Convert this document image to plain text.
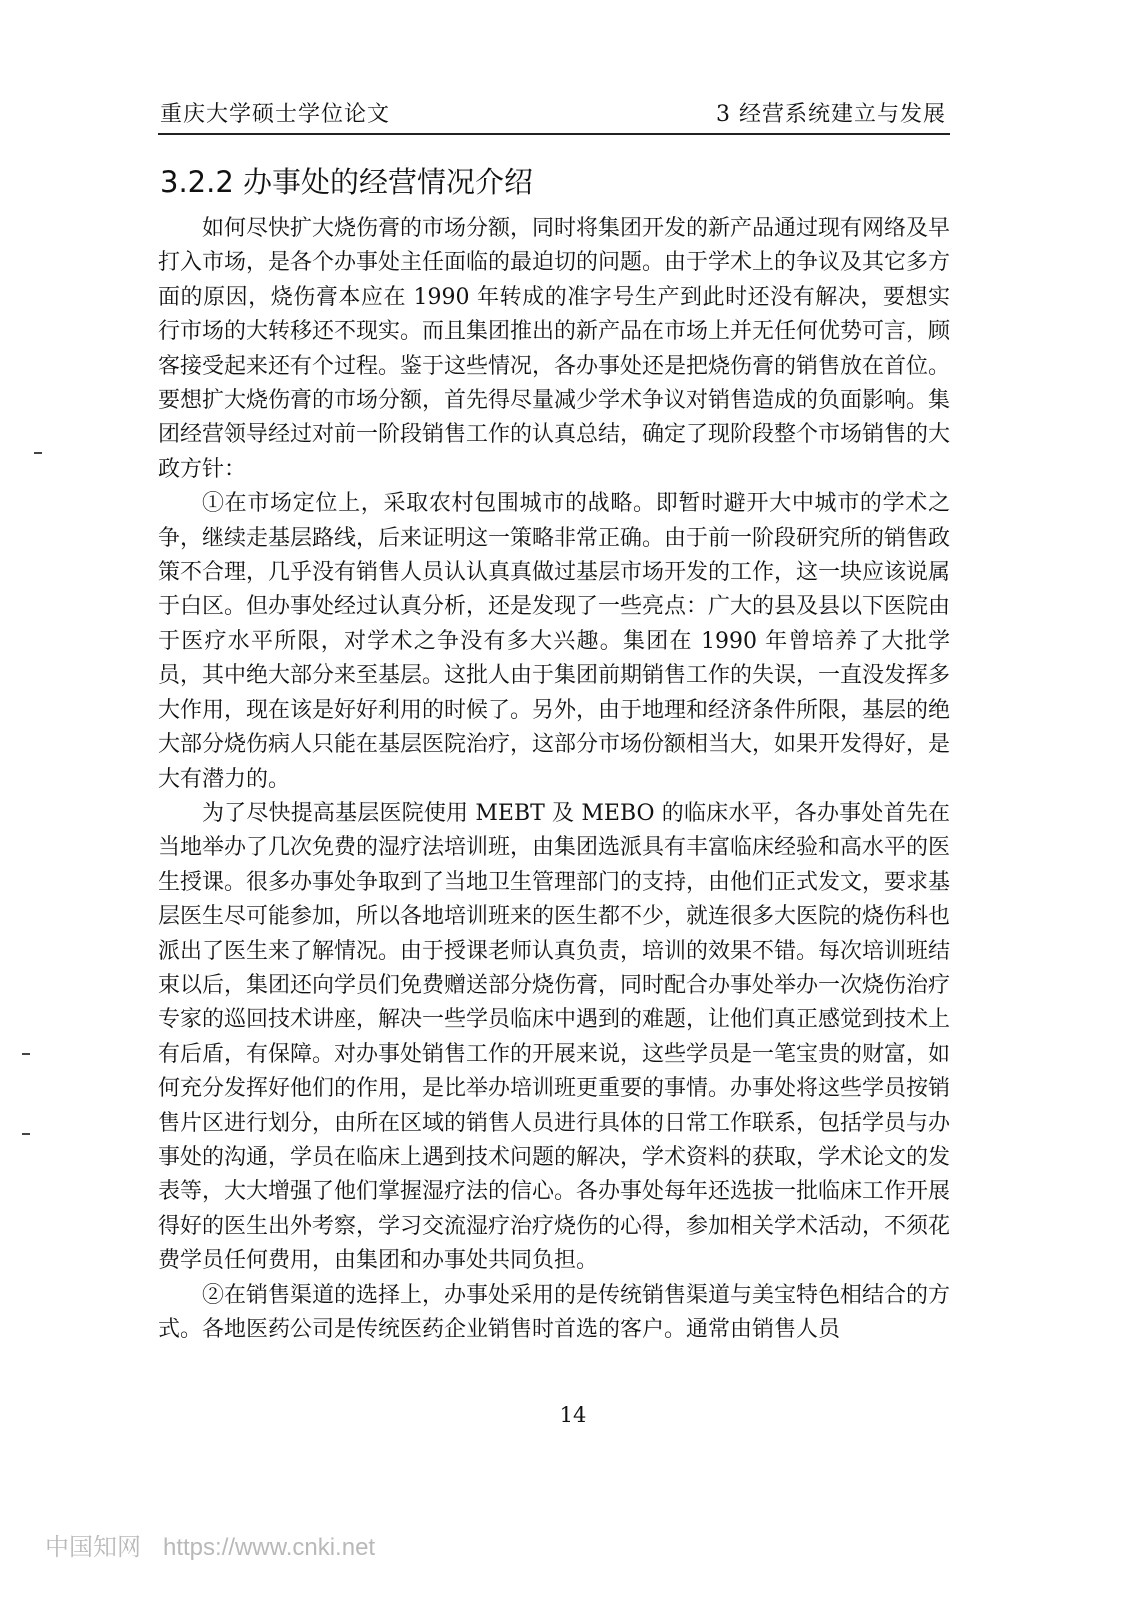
重庆大学硕士学位论文	3 经营系统建立与发展
3.2.2 办事处的经营情况介绍

如何尽快扩大烧伤膏的市场分额，同时将集团开发的新产品通过现有网络及早打入市场，是各个办事处主任面临的最迫切的问题。由于学术上的争议及其它多方面的原因，烧伤膏本应在 1990 年转成的准字号生产到此时还没有解决，要想实行市场的大转移还不现实。而且集团推出的新产品在市场上并无任何优势可言，顾客接受起来还有个过程。鉴于这些情况，各办事处还是把烧伤膏的销售放在首位。要想扩大烧伤膏的市场分额，首先得尽量减少学术争议对销售造成的负面影响。集团经营领导经过对前一阶段销售工作的认真总结，确定了现阶段整个市场销售的大政方针：

①在市场定位上，采取农村包围城市的战略。即暂时避开大中城市的学术之争，继续走基层路线，后来证明这一策略非常正确。由于前一阶段研究所的销售政策不合理，几乎没有销售人员认认真真做过基层市场开发的工作，这一块应该说属于白区。但办事处经过认真分析，还是发现了一些亮点：广大的县及县以下医院由于医疗水平所限，对学术之争没有多大兴趣。集团在 1990 年曾培养了大批学员，其中绝大部分来至基层。这批人由于集团前期销售工作的失误，一直没发挥多大作用，现在该是好好利用的时候了。另外，由于地理和经济条件所限，基层的绝大部分烧伤病人只能在基层医院治疗，这部分市场份额相当大，如果开发得好，是大有潜力的。

为了尽快提高基层医院使用 MEBT 及 MEBO 的临床水平，各办事处首先在当地举办了几次免费的湿疗法培训班，由集团选派具有丰富临床经验和高水平的医生授课。很多办事处争取到了当地卫生管理部门的支持，由他们正式发文，要求基层医生尽可能参加，所以各地培训班来的医生都不少，就连很多大医院的烧伤科也派出了医生来了解情况。由于授课老师认真负责，培训的效果不错。每次培训班结束以后，集团还向学员们免费赠送部分烧伤膏，同时配合办事处举办一次烧伤治疗专家的巡回技术讲座，解决一些学员临床中遇到的难题，让他们真正感觉到技术上有后盾，有保障。对办事处销售工作的开展来说，这些学员是一笔宝贵的财富，如何充分发挥好他们的作用，是比举办培训班更重要的事情。办事处将这些学员按销售片区进行划分，由所在区域的销售人员进行具体的日常工作联系，包括学员与办事处的沟通，学员在临床上遇到技术问题的解决，学术资料的获取，学术论文的发表等，大大增强了他们掌握湿疗法的信心。各办事处每年还选拔一批临床工作开展得好的医生出外考察，学习交流湿疗治疗烧伤的心得，参加相关学术活动，不须花费学员任何费用，由集团和办事处共同负担。

②在销售渠道的选择上，办事处采用的是传统销售渠道与美宝特色相结合的方式。各地医药公司是传统医药企业销售时首选的客户。通常由销售人员

14
中国知网 https://www.cnki.net
